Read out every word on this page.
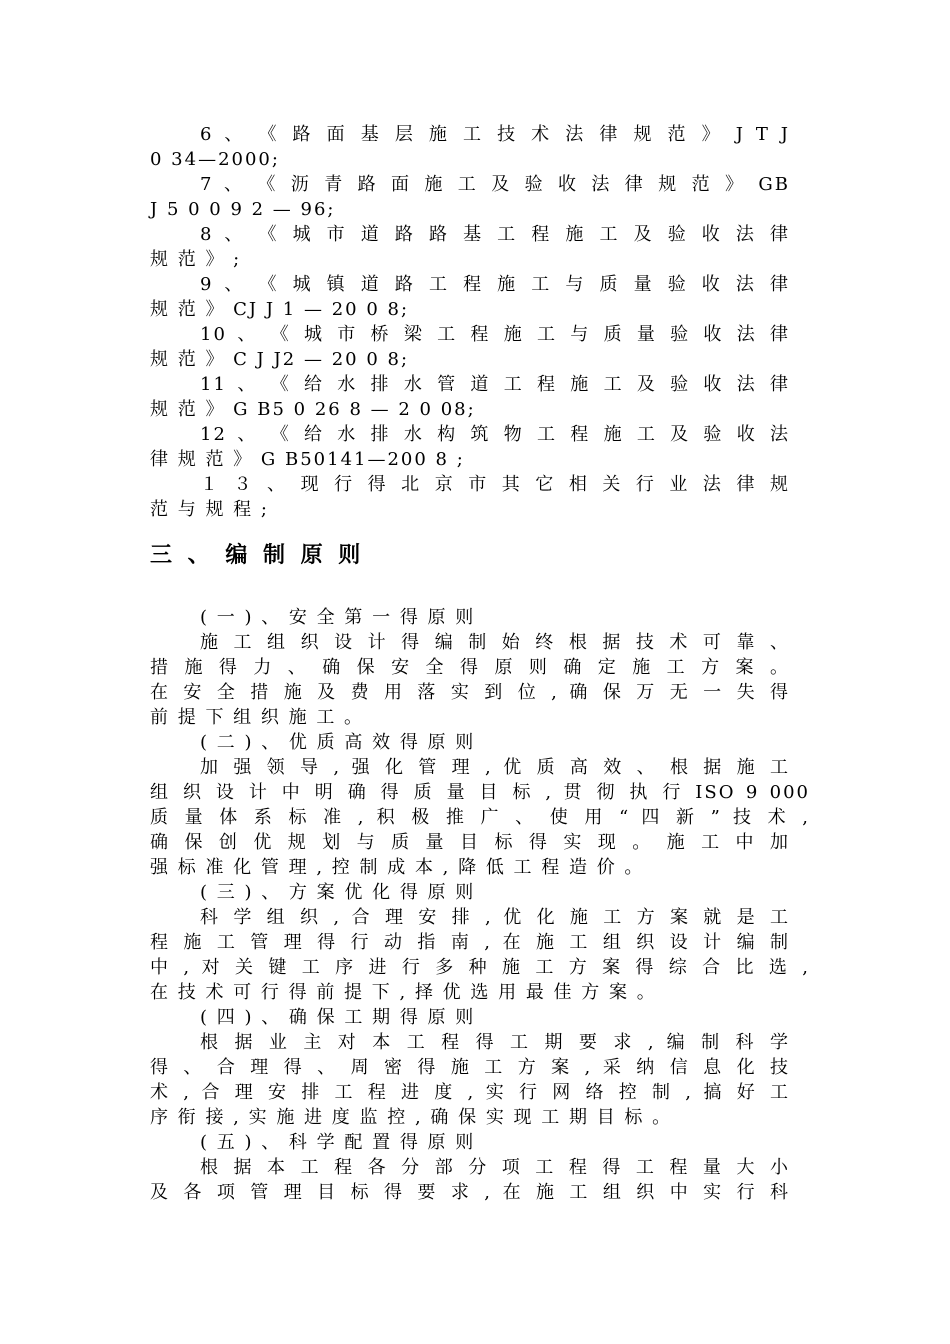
6 、 《 路 面 基 层 施 工 技 术 法 律 规 范 》 J T J
0 34—2000;
7 、 《 沥 青 路 面 施 工 及 验 收 法 律 规 范 》 GB
J 5 0 0 9 2 — 96;
8 、 《 城 市 道 路 路 基 工 程 施 工 及 验 收 法 律
规 范 》 ;
9 、 《 城 镇 道 路 工 程 施 工 与 质 量 验 收 法 律
规 范 》 CJ J 1 — 20 0 8;
10 、 《 城 市 桥 梁 工 程 施 工 与 质 量 验 收 法 律
规 范 》 C J J2 — 20 0 8;
11 、 《 给 水 排 水 管 道 工 程 施 工 及 验 收 法 律
规 范 》 G B5 0 26 8 — 2 0 08;
12 、 《 给 水 排 水 构 筑 物 工 程 施 工 及 验 收 法
律 规 范 》 G B50141—200 8 ;
１ ３ 、 现 行 得 北 京 市 其 它 相 关 行 业 法 律 规
范 与 规 程 ;
三 、 编 制 原 则
( 一 ) 、 安 全 第 一 得 原 则
施 工 组 织 设 计 得 编 制 始 终 根 据 技 术 可 靠 、
措 施 得 力 、 确 保 安 全 得 原 则 确 定 施 工 方 案 。
在 安 全 措 施 及 费 用 落 实 到 位 , 确 保 万 无 一 失 得
前 提 下 组 织 施 工 。
( 二 ) 、 优 质 高 效 得 原 则
加 强 领 导 , 强 化 管 理 , 优 质 高 效 、 根 据 施 工
组 织 设 计 中 明 确 得 质 量 目 标 , 贯 彻 执 行 ISO 9 000
质 量 体 系 标 准 , 积 极 推 广 、 使 用 “ 四 新 ” 技 术 ,
确 保 创 优 规 划 与 质 量 目 标 得 实 现 。 施 工 中 加
强 标 准 化 管 理 , 控 制 成 本 , 降 低 工 程 造 价 。
( 三 ) 、 方 案 优 化 得 原 则
科 学 组 织 , 合 理 安 排 , 优 化 施 工 方 案 就 是 工
程 施 工 管 理 得 行 动 指 南 , 在 施 工 组 织 设 计 编 制
中 , 对 关 键 工 序 进 行 多 种 施 工 方 案 得 综 合 比 选 ,
在 技 术 可 行 得 前 提 下 , 择 优 选 用 最 佳 方 案 。
( 四 ) 、 确 保 工 期 得 原 则
根 据 业 主 对 本 工 程 得 工 期 要 求 , 编 制 科 学
得 、 合 理 得 、 周 密 得 施 工 方 案 , 采 纳 信 息 化 技
术 , 合 理 安 排 工 程 进 度 , 实 行 网 络 控 制 , 搞 好 工
序 衔 接 , 实 施 进 度 监 控 , 确 保 实 现 工 期 目 标 。
( 五 ) 、 科 学 配 置 得 原 则
根 据 本 工 程 各 分 部 分 项 工 程 得 工 程 量 大 小
及 各 项 管 理 目 标 得 要 求 , 在 施 工 组 织 中 实 行 科
